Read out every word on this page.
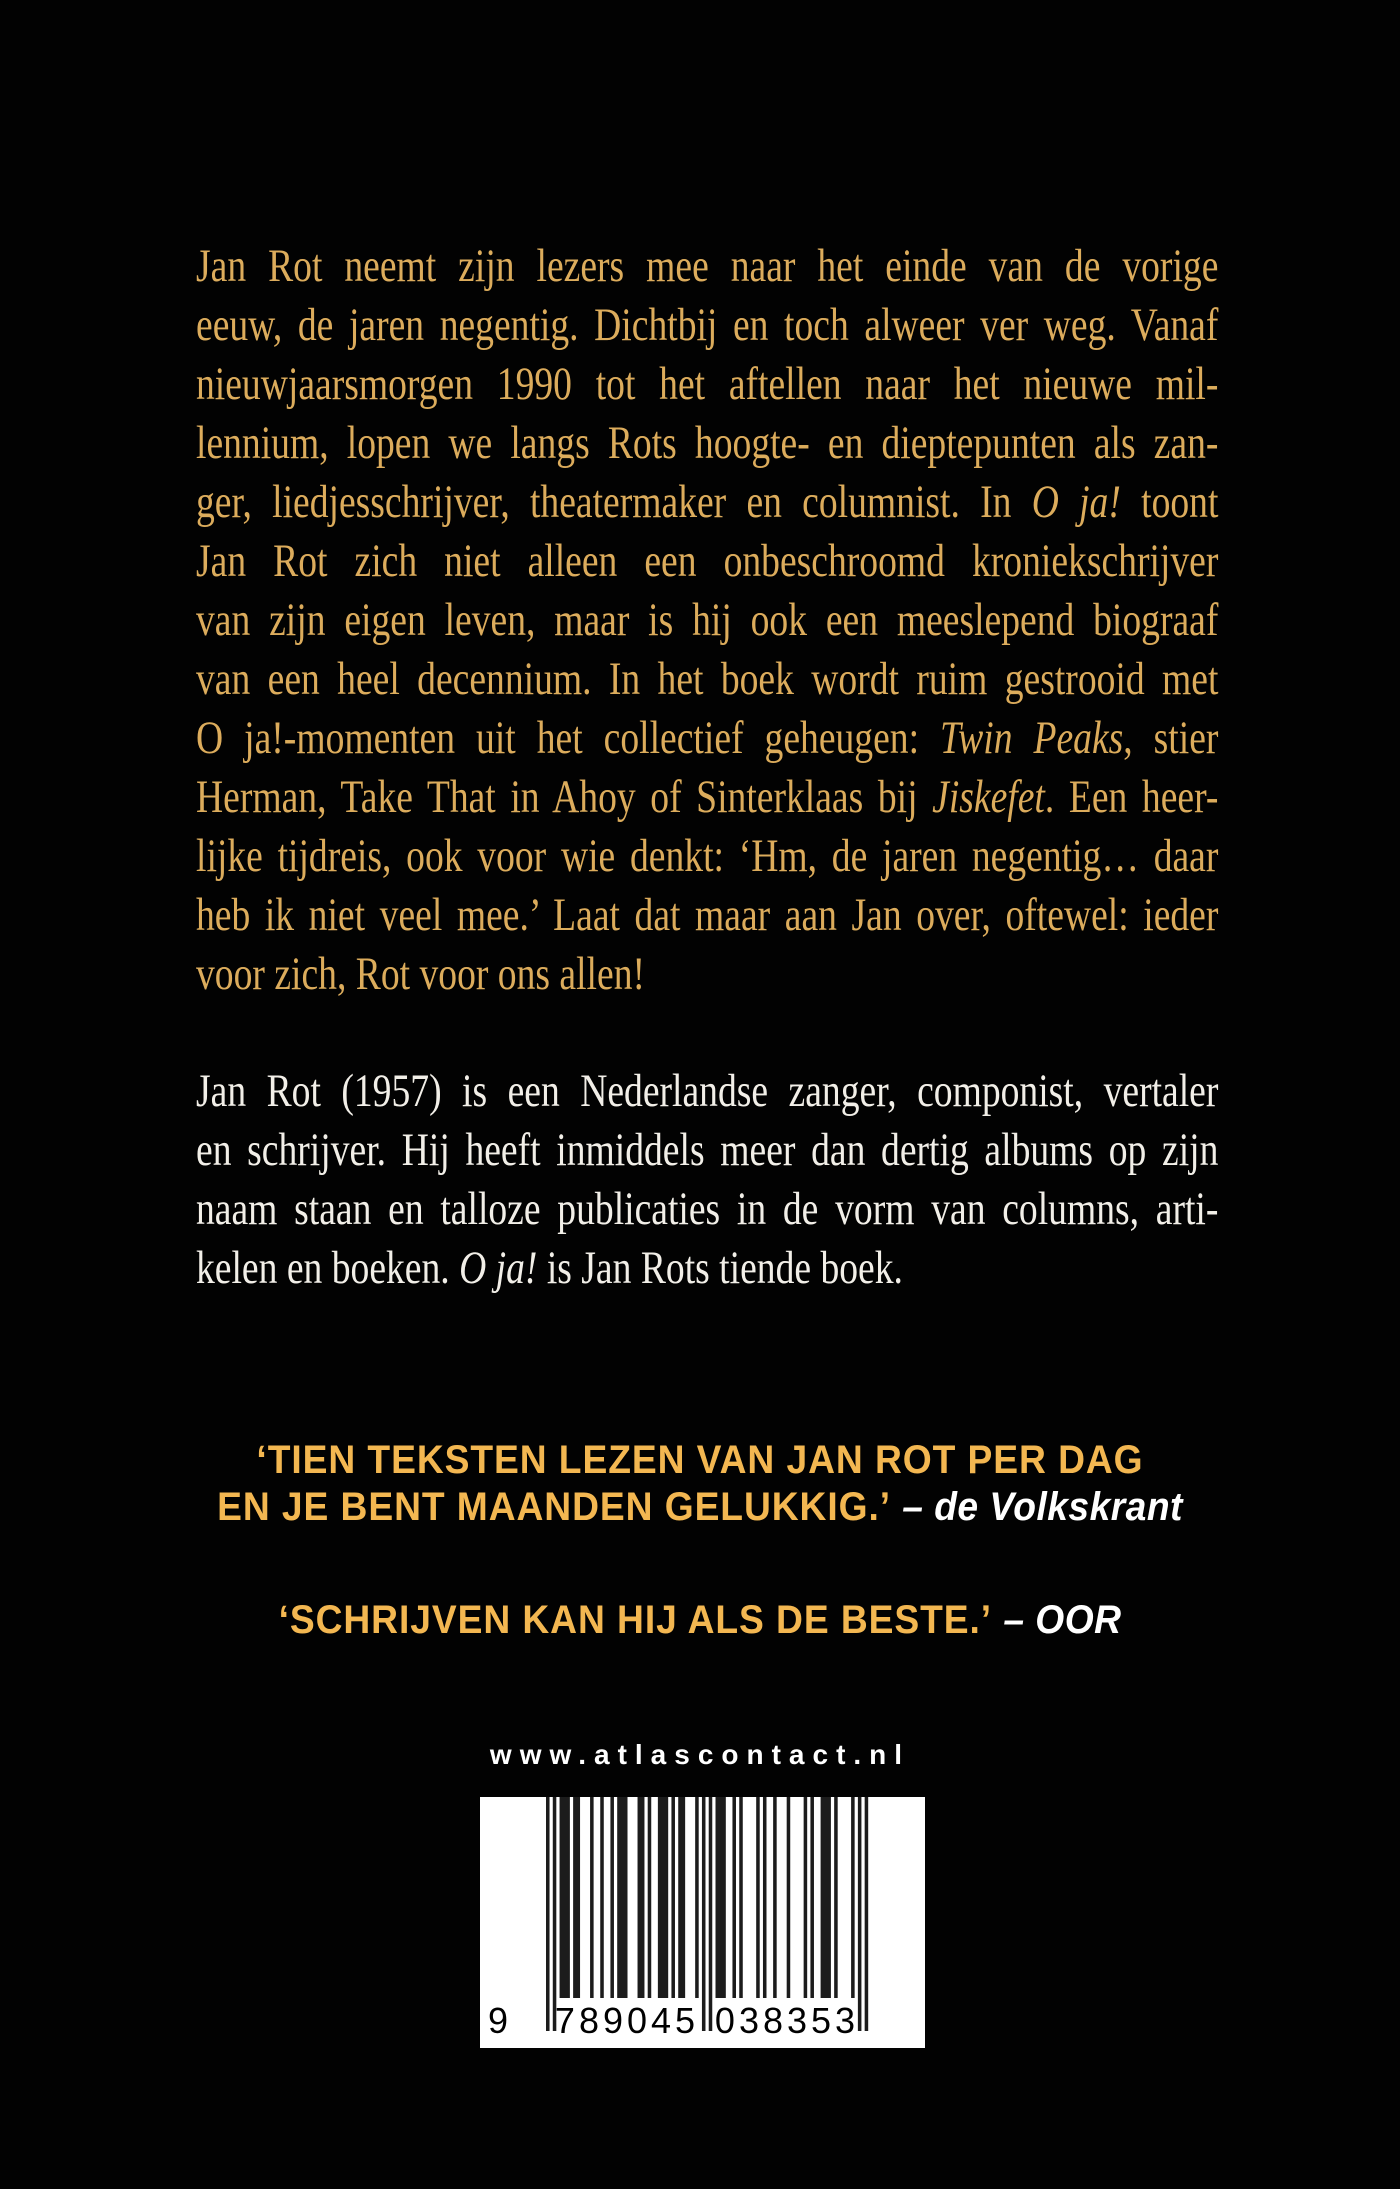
Jan Rot neemt zijn lezers mee naar het einde van de vorige
eeuw, de jaren negentig. Dichtbij en toch alweer ver weg. Vanaf
nieuwjaarsmorgen 1990 tot het aftellen naar het nieuwe mil-
lennium, lopen we langs Rots hoogte- en dieptepunten als zan-
ger, liedjesschrijver, theatermaker en columnist. In O ja! toont
Jan Rot zich niet alleen een onbeschroomd kroniekschrijver
van zijn eigen leven, maar is hij ook een meeslepend biograaf
van een heel decennium. In het boek wordt ruim gestrooid met
O ja!-momenten uit het collectief geheugen: Twin Peaks, stier
Herman, Take That in Ahoy of Sinterklaas bij Jiskefet. Een heer-
lijke tijdreis, ook voor wie denkt: ‘Hm, de jaren negentig… daar
heb ik niet veel mee.’ Laat dat maar aan Jan over, oftewel: ieder
voor zich, Rot voor ons allen!
Jan Rot (1957) is een Nederlandse zanger, componist, vertaler
en schrijver. Hij heeft inmiddels meer dan dertig albums op zijn
naam staan en talloze publicaties in de vorm van columns, arti-
kelen en boeken. O ja! is Jan Rots tiende boek.
‘TIEN TEKSTEN LEZEN VAN JAN ROT PER DAG
EN JE BENT MAANDEN GELUKKIG.’ – de Volkskrant
‘SCHRIJVEN KAN HIJ ALS DE BESTE.’ – OOR
www.atlascontact.nl
9 789045 038353
